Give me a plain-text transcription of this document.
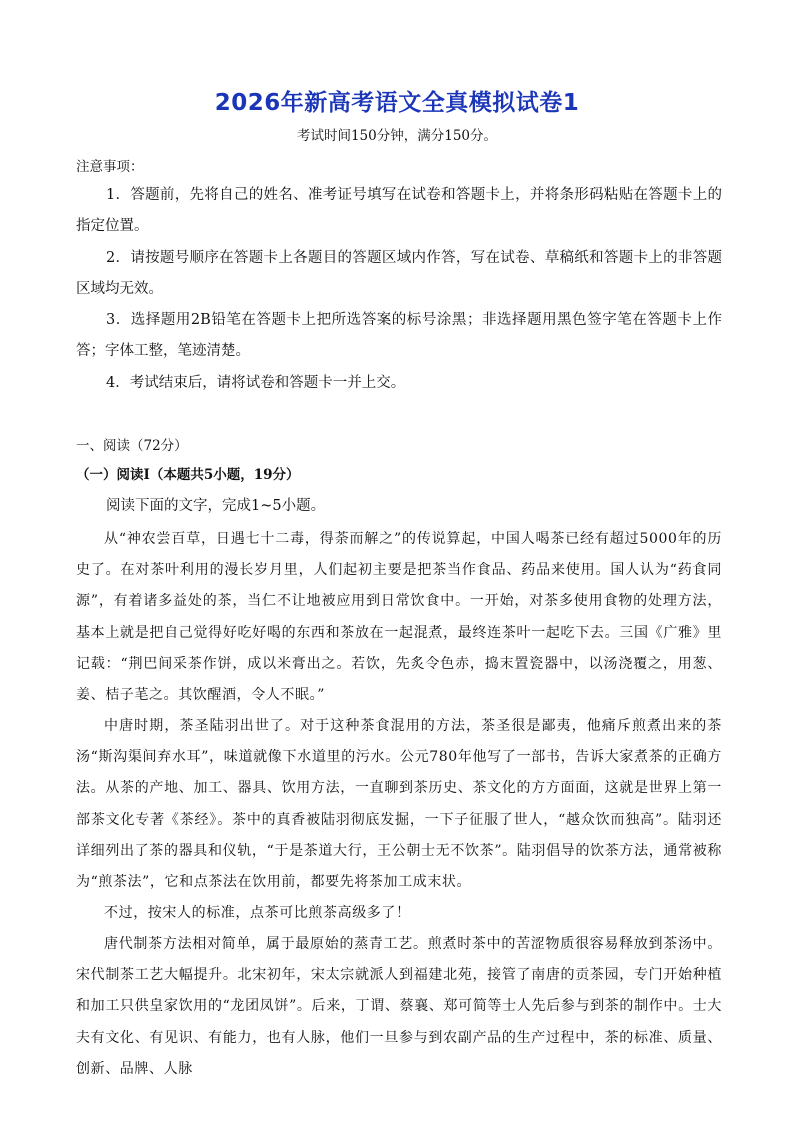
2026年新高考语文全真模拟试卷1
考试时间150分钟，满分150分。
注意事项：
1．答题前，先将自己的姓名、准考证号填写在试卷和答题卡上，并将条形码粘贴在答题卡上的指定位置。
2．请按题号顺序在答题卡上各题目的答题区域内作答，写在试卷、草稿纸和答题卡上的非答题区域均无效。
3．选择题用2B铅笔在答题卡上把所选答案的标号涂黑；非选择题用黑色签字笔在答题卡上作答；字体工整，笔迹清楚。
4．考试结束后，请将试卷和答题卡一并上交。
一、阅读（72分）
（一）阅读Ⅰ（本题共5小题，19分）
阅读下面的文字，完成1~5小题。
从“神农尝百草，日遇七十二毒，得荼而解之”的传说算起，中国人喝茶已经有超过5000年的历史了。在对茶叶利用的漫长岁月里，人们起初主要是把茶当作食品、药品来使用。国人认为“药食同源”，有着诸多益处的茶，当仁不让地被应用到日常饮食中。一开始，对茶多使用食物的处理方法，基本上就是把自己觉得好吃好喝的东西和茶放在一起混煮，最终连茶叶一起吃下去。三国《广雅》里记载：“荆巴间采茶作饼，成以米膏出之。若饮，先炙令色赤，捣末置瓷器中，以汤浇覆之，用葱、姜、桔子芼之。其饮醒酒，令人不眠。”
中唐时期，茶圣陆羽出世了。对于这种茶食混用的方法，茶圣很是鄙夷，他痛斥煎煮出来的茶汤“斯沟渠间弃水耳”，味道就像下水道里的污水。公元780年他写了一部书，告诉大家煮茶的正确方法。从茶的产地、加工、器具、饮用方法，一直聊到茶历史、茶文化的方方面面，这就是世界上第一部茶文化专著《茶经》。茶中的真香被陆羽彻底发掘，一下子征服了世人，“越众饮而独高”。陆羽还详细列出了茶的器具和仪轨，“于是茶道大行，王公朝士无不饮茶”。陆羽倡导的饮茶方法，通常被称为“煎茶法”，它和点茶法在饮用前，都要先将茶加工成末状。
不过，按宋人的标准，点茶可比煎茶高级多了！
唐代制茶方法相对简单，属于最原始的蒸青工艺。煎煮时茶中的苦涩物质很容易释放到茶汤中。宋代制茶工艺大幅提升。北宋初年，宋太宗就派人到福建北苑，接管了南唐的贡茶园，专门开始种植和加工只供皇家饮用的“龙团凤饼”。后来，丁谓、蔡襄、郑可简等士人先后参与到茶的制作中。士大夫有文化、有见识、有能力，也有人脉，他们一旦参与到农副产品的生产过程中，茶的标准、质量、创新、品牌、人脉
